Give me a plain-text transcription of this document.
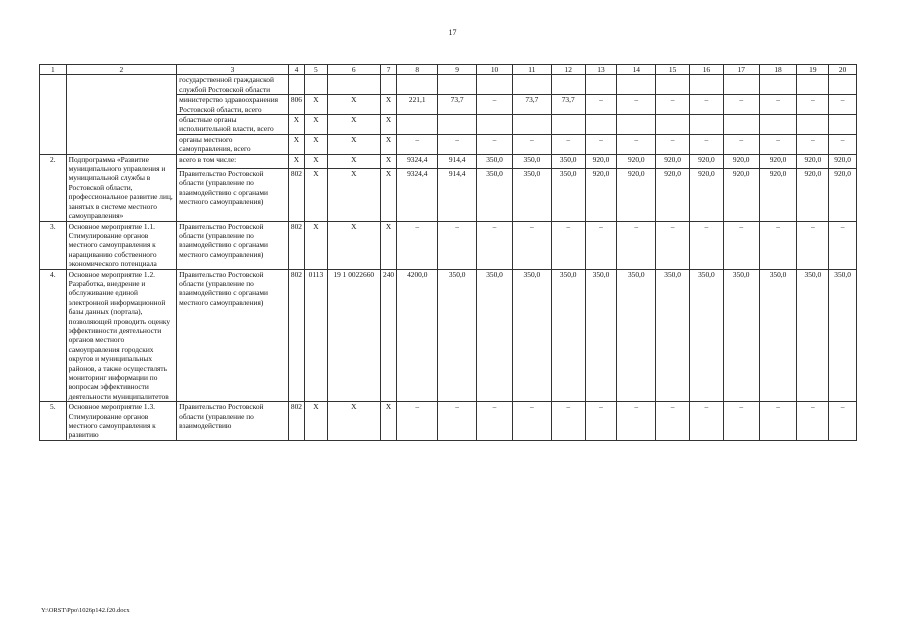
17
1	2	3	4	5	6	7	8	9	10	11	12	13	14	15	16	17	18	19	20
		государственной гражданской службой Ростовской области																	
		министерство здравоохранения Ростовской области, всего	806	X	X	X	221,1	73,7	–	73,7	73,7	–	–	–	–	–	–	–	–
		областные органы исполнительной власти, всего	X	X	X	X													
		органы местного самоуправления, всего	X	X	X	X	–	–	–	–	–	–	–	–	–	–	–	–	–
2.	Подпрограмма «Развитие муниципального управления и муниципальной службы в Ростовской области, профессиональное развитие лиц, занятых в системе местного самоуправления»	всего в том числе:	X	X	X	X	9324,4	914,4	350,0	350,0	350,0	920,0	920,0	920,0	920,0	920,0	920,0	920,0	920,0
		Правительство Ростовской области (управление по взаимодействию с органами местного самоуправления)	802	X	X	X	9324,4	914,4	350,0	350,0	350,0	920,0	920,0	920,0	920,0	920,0	920,0	920,0	920,0
3.	Основное мероприятие 1.1. Стимулирование органов местного самоуправления к наращиванию собственного экономического потенциала	Правительство Ростовской области (управление по взаимодействию с органами местного самоуправления)	802	X	X	X	–	–	–	–	–	–	–	–	–	–	–	–	–
4.	Основное мероприятие 1.2. Разработка, внедрение и обслуживание единой электронной информационной базы данных (портала), позволяющей проводить оценку эффективности деятельности органов местного самоуправления городских округов и муниципальных районов, а также осуществлять мониторинг информации по вопросам эффективности деятельности муниципалитетов	Правительство Ростовской области (управление по взаимодействию с органами местного самоуправления)	802	0113	19 1 0022660	240	4200,0	350,0	350,0	350,0	350,0	350,0	350,0	350,0	350,0	350,0	350,0	350,0	350,0
5.	Основное мероприятие 1.3. Стимулирование органов местного самоуправления к развитию	Правительство Ростовской области (управление по взаимодействию	802	X	X	X	–	–	–	–	–	–	–	–	–	–	–	–	–
Y:\ORST\Ppo\1026p142.f20.docx
